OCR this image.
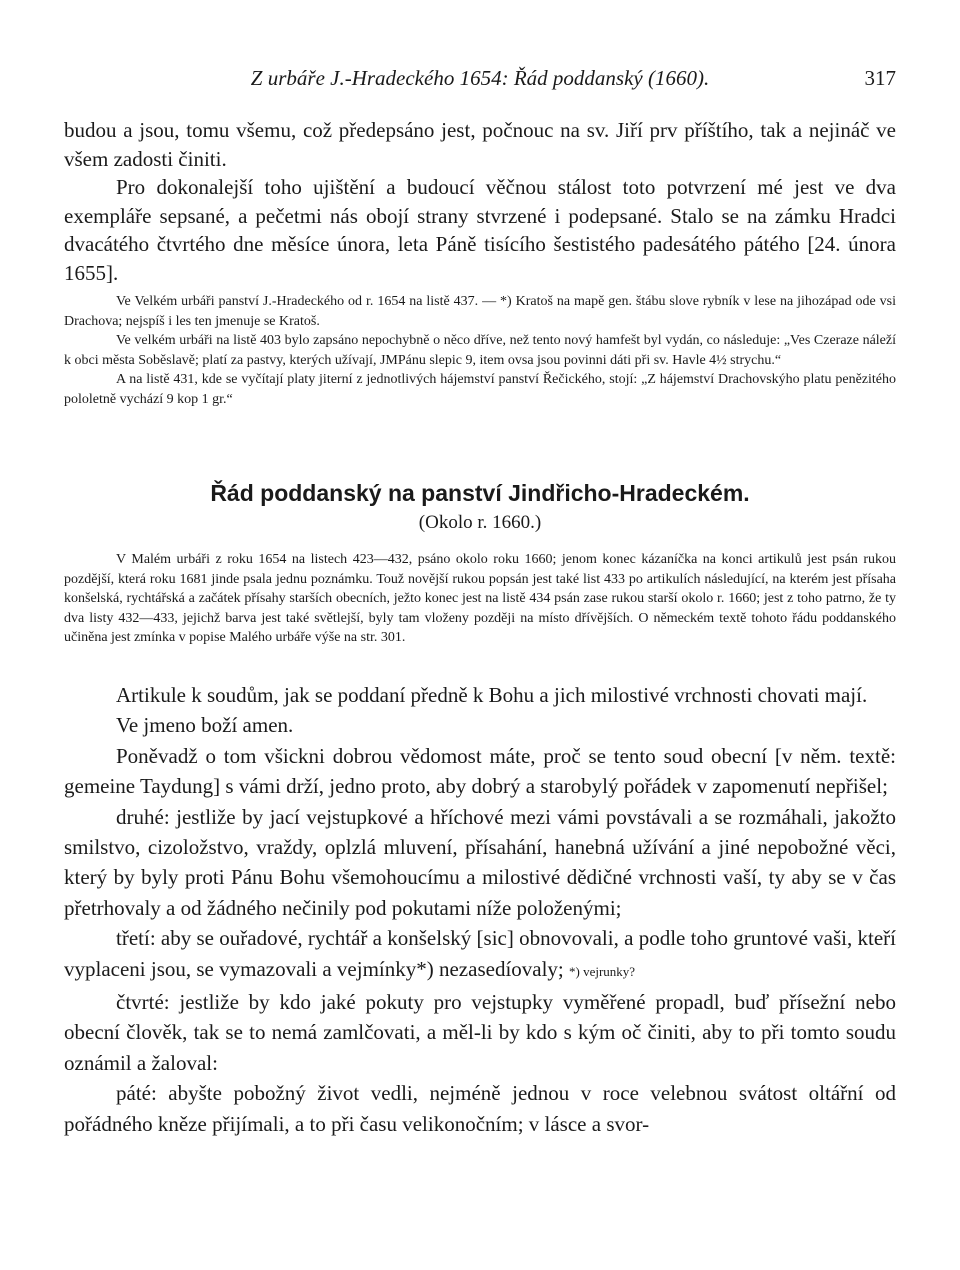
Z urbáře J.-Hradeckého 1654: Řád poddanský (1660).	317

budou a jsou, tomu všemu, což předepsáno jest, počnouc na sv. Jiří prv příštího, tak a nejináč ve všem zadosti činiti.

Pro dokonalejší toho ujištění a budoucí věčnou stálost toto potvrzení mé jest ve dva exempláře sepsané, a pečetmi nás obojí strany stvrzené i podepsané. Stalo se na zámku Hradci dvacátého čtvrtého dne měsíce února, leta Páně tisícího šestistého padesátého pátého [24. února 1655].

Ve Velkém urbáři panství J.-Hradeckého od r. 1654 na listě 437. — *) Kratoš na mapě gen. štábu slove rybník v lese na jihozápad ode vsi Drachova; nejspíš i les ten jmenuje se Kratoš.

Ve velkém urbáři na listě 403 bylo zapsáno nepochybně o něco dříve, než tento nový hamfešt byl vydán, co následuje: „Ves Czeraze náleží k obci města Soběslavě; platí za pastvy, kterých užívají, JMPánu slepic 9, item ovsa jsou povinni dáti při sv. Havle 4½ strychu.“

A na listě 431, kde se vyčítají platy jiterní z jednotlivých hájemství panství Řečického, stojí: „Z hájemství Drachovskýho platu penězitého pololetně vychází 9 kop 1 gr.“

Řád poddanský na panství Jindřicho-Hradeckém.
(Okolo r. 1660.)

V Malém urbáři z roku 1654 na listech 423—432, psáno okolo roku 1660; jenom konec kázaníčka na konci artikulů jest psán rukou pozdější, která roku 1681 jinde psala jednu poznámku. Touž novější rukou popsán jest také list 433 po artikulích následující, na kterém jest přísaha konšelská, rychtářská a začátek přísahy starších obecních, ježto konec jest na listě 434 psán zase rukou starší okolo r. 1660; jest z toho patrno, že ty dva listy 432—433, jejichž barva jest také světlejší, byly tam vloženy později na místo dřívějších. O německém textě tohoto řádu poddanského učiněna jest zmínka v popise Malého urbáře výše na str. 301.

Artikule k soudům, jak se poddaní předně k Bohu a jich milostivé vrchnosti chovati mají.

Ve jmeno boží amen.

Poněvadž o tom všickni dobrou vědomost máte, proč se tento soud obecní [v něm. textě: gemeine Taydung] s vámi drží, jedno proto, aby dobrý a starobylý pořádek v zapomenutí nepřišel;

druhé: jestliže by jací vejstupkové a hříchové mezi vámi povstávali a se rozmáhali, jakožto smilstvo, cizoložstvo, vraždy, oplzlá mluvení, přísahání, hanebná užívání a jiné nepobožné věci, který by byly proti Pánu Bohu všemohoucímu a milostivé dědičné vrchnosti vaší, ty aby se v čas přetrhovaly a od žádného nečinily pod pokutami níže položenými;

třetí: aby se ouřadové, rychtář a konšelský [sic] obnovovali, a podle toho gruntové vaši, kteří vyplaceni jsou, se vymazovali a vejmínky*) nezasedíovaly; *) vejrunky?

čtvrté: jestliže by kdo jaké pokuty pro vejstupky vyměřené propadl, buď přísežní nebo obecní člověk, tak se to nemá zamlčovati, a měl-li by kdo s kým oč činiti, aby to při tomto soudu oznámil a žaloval:

páté: abyšte pobožný život vedli, nejméně jednou v roce velebnou svátost oltářní od pořádného kněze přijímali, a to při času velikonočním; v lásce a svor-
